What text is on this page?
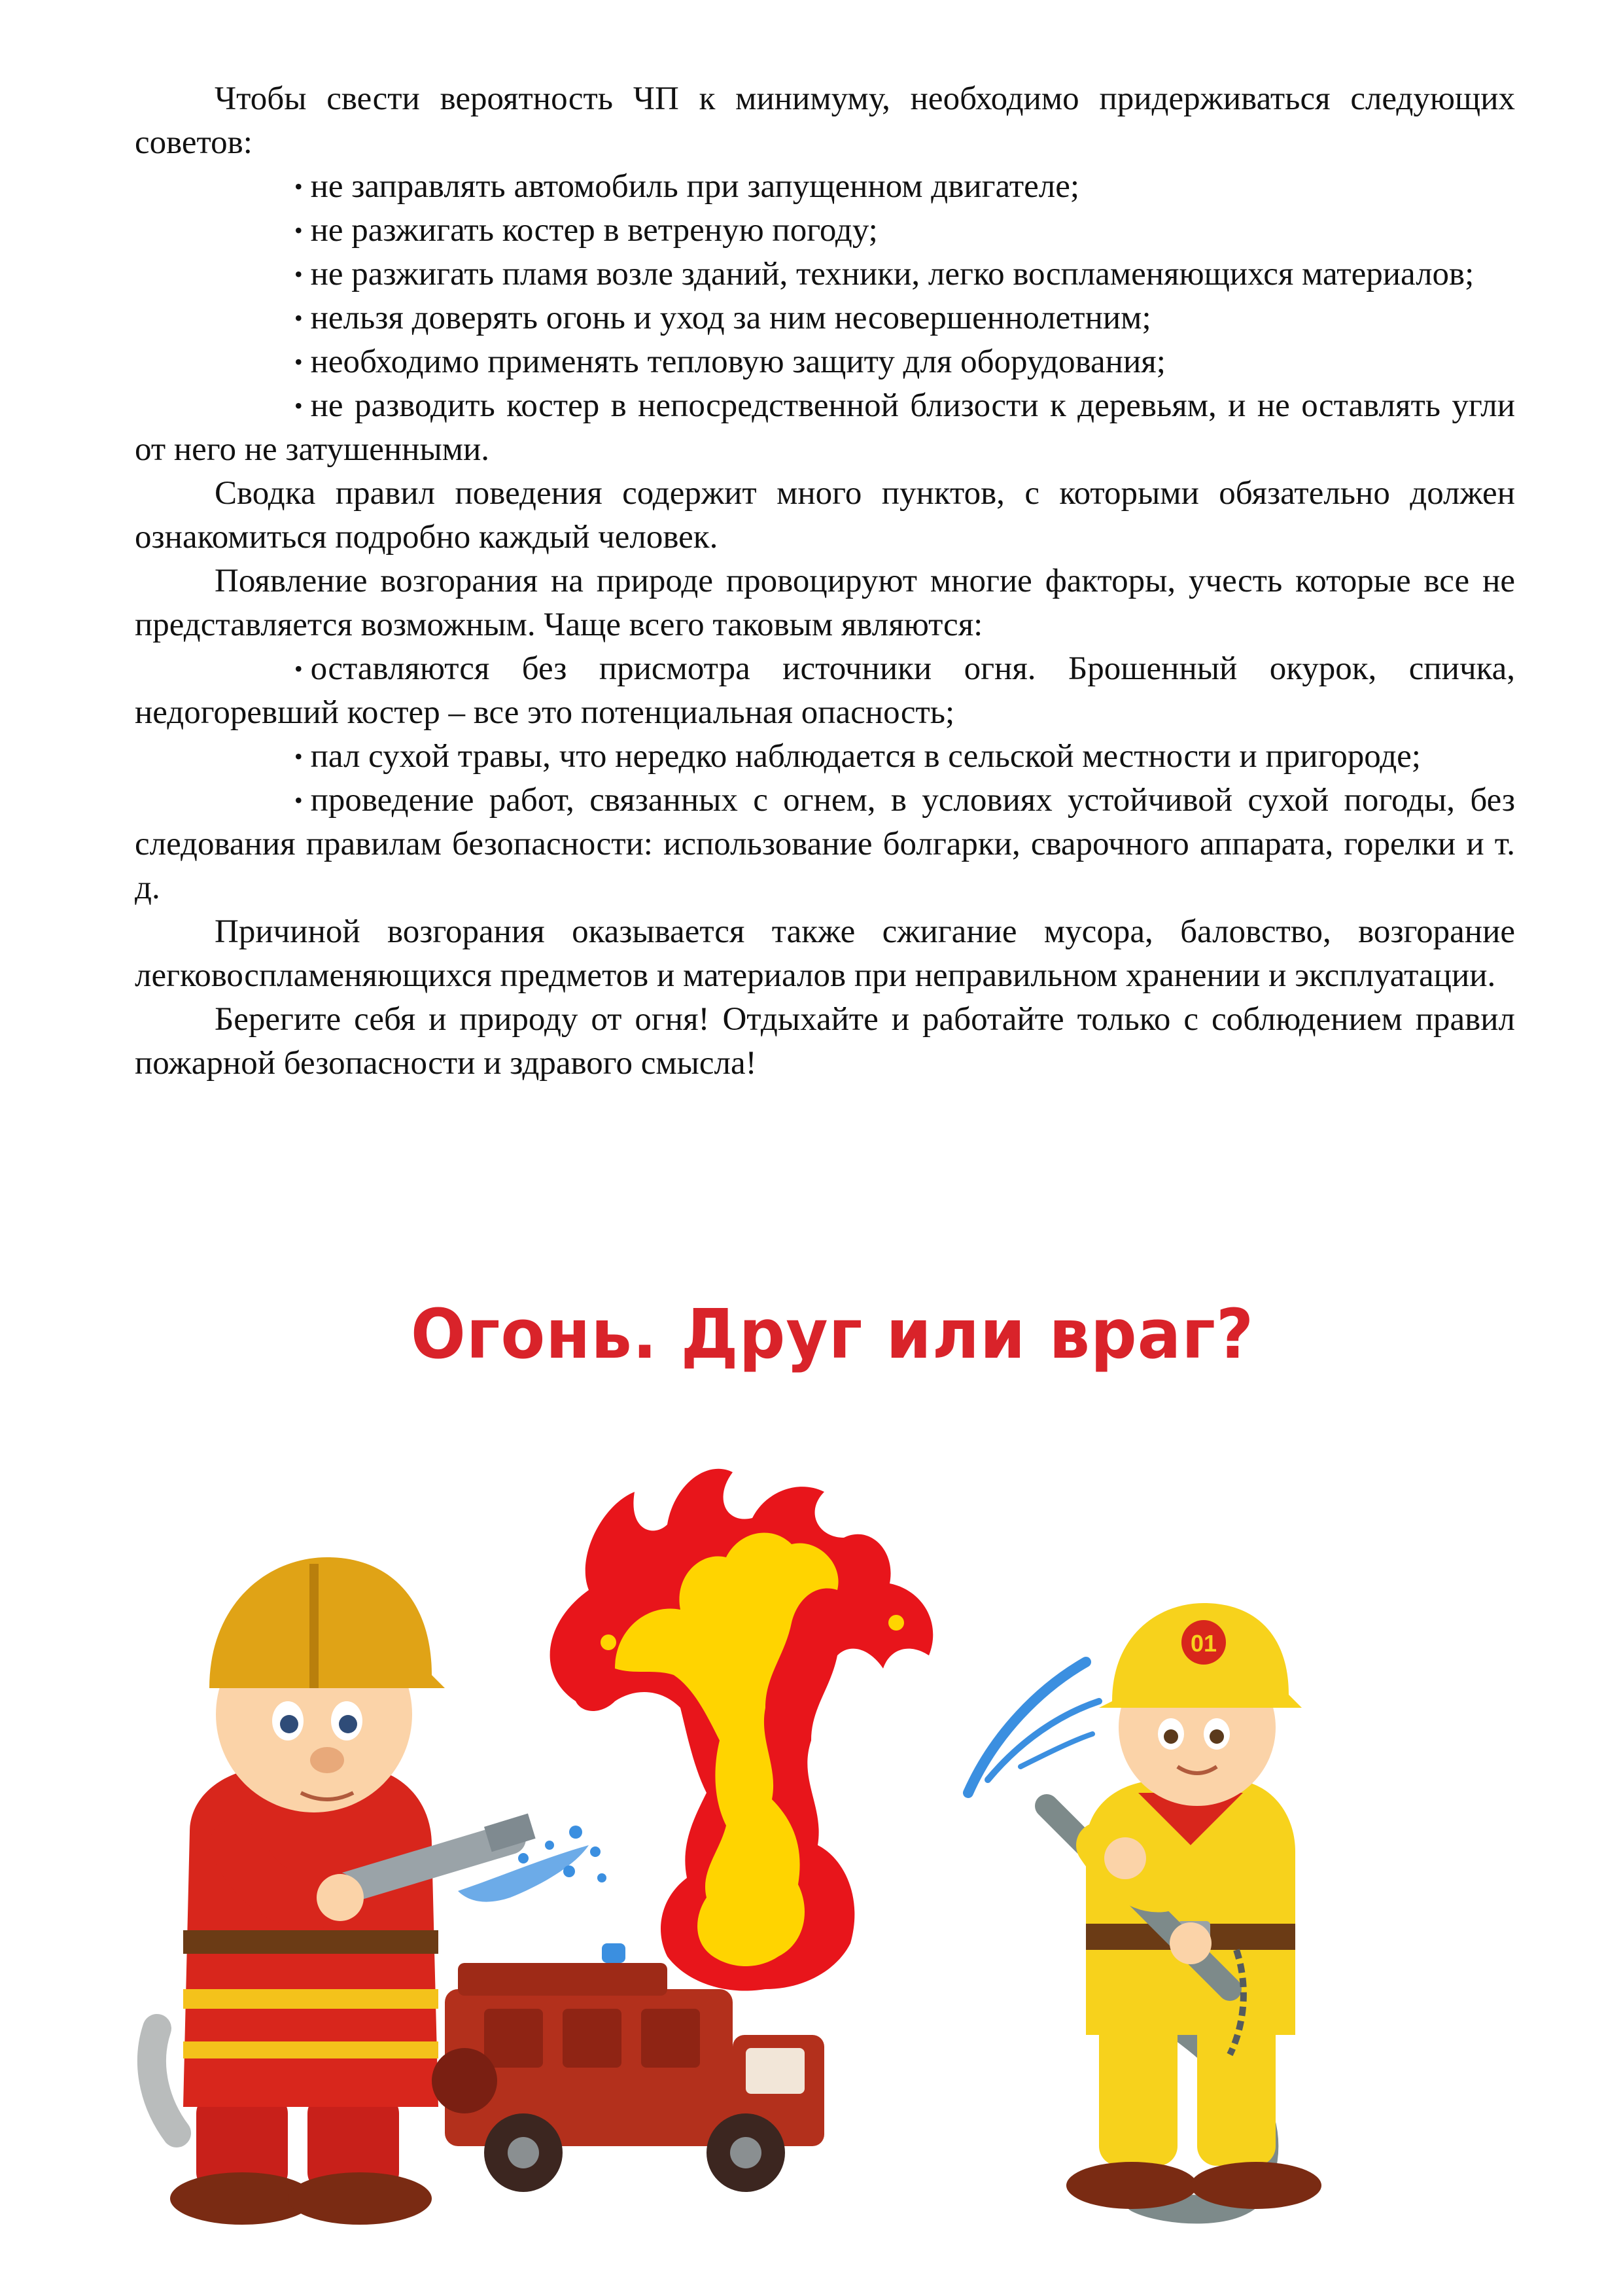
Чтобы свести вероятность ЧП к минимуму, необходимо придерживаться следующих советов:

• не заправлять автомобиль при запущенном двигателе;

• не разжигать костер в ветреную погоду;

• не разжигать пламя возле зданий, техники, легко воспламеняющихся материалов;

• нельзя доверять огонь и уход за ним несовершеннолетним;

• необходимо применять тепловую защиту для оборудования;

• не разводить костер в непосредственной близости к деревьям, и не оставлять угли от него не затушенными.

Сводка правил поведения содержит много пунктов, с которыми обязательно должен ознакомиться подробно каждый человек.

Появление возгорания на природе провоцируют многие факторы, учесть которые все не представляется возможным. Чаще всего таковым являются:

• оставляются без присмотра источники огня. Брошенный окурок, спичка, недогоревший костер – все это потенциальная опасность;

• пал сухой травы, что нередко наблюдается в сельской местности и пригороде;

• проведение работ, связанных с огнем, в условиях устойчивой сухой погоды, без следования правилам безопасности: использование болгарки, сварочного аппарата, горелки и т. д.

Причиной возгорания оказывается также сжигание мусора, баловство, возгорание легковоспламеняющихся предметов и материалов при неправильном хранении и эксплуатации.

Берегите себя и природу от огня! Отдыхайте и работайте только с соблюдением правил пожарной безопасности и здравого смысла!

Огонь. Друг или враг?
01
